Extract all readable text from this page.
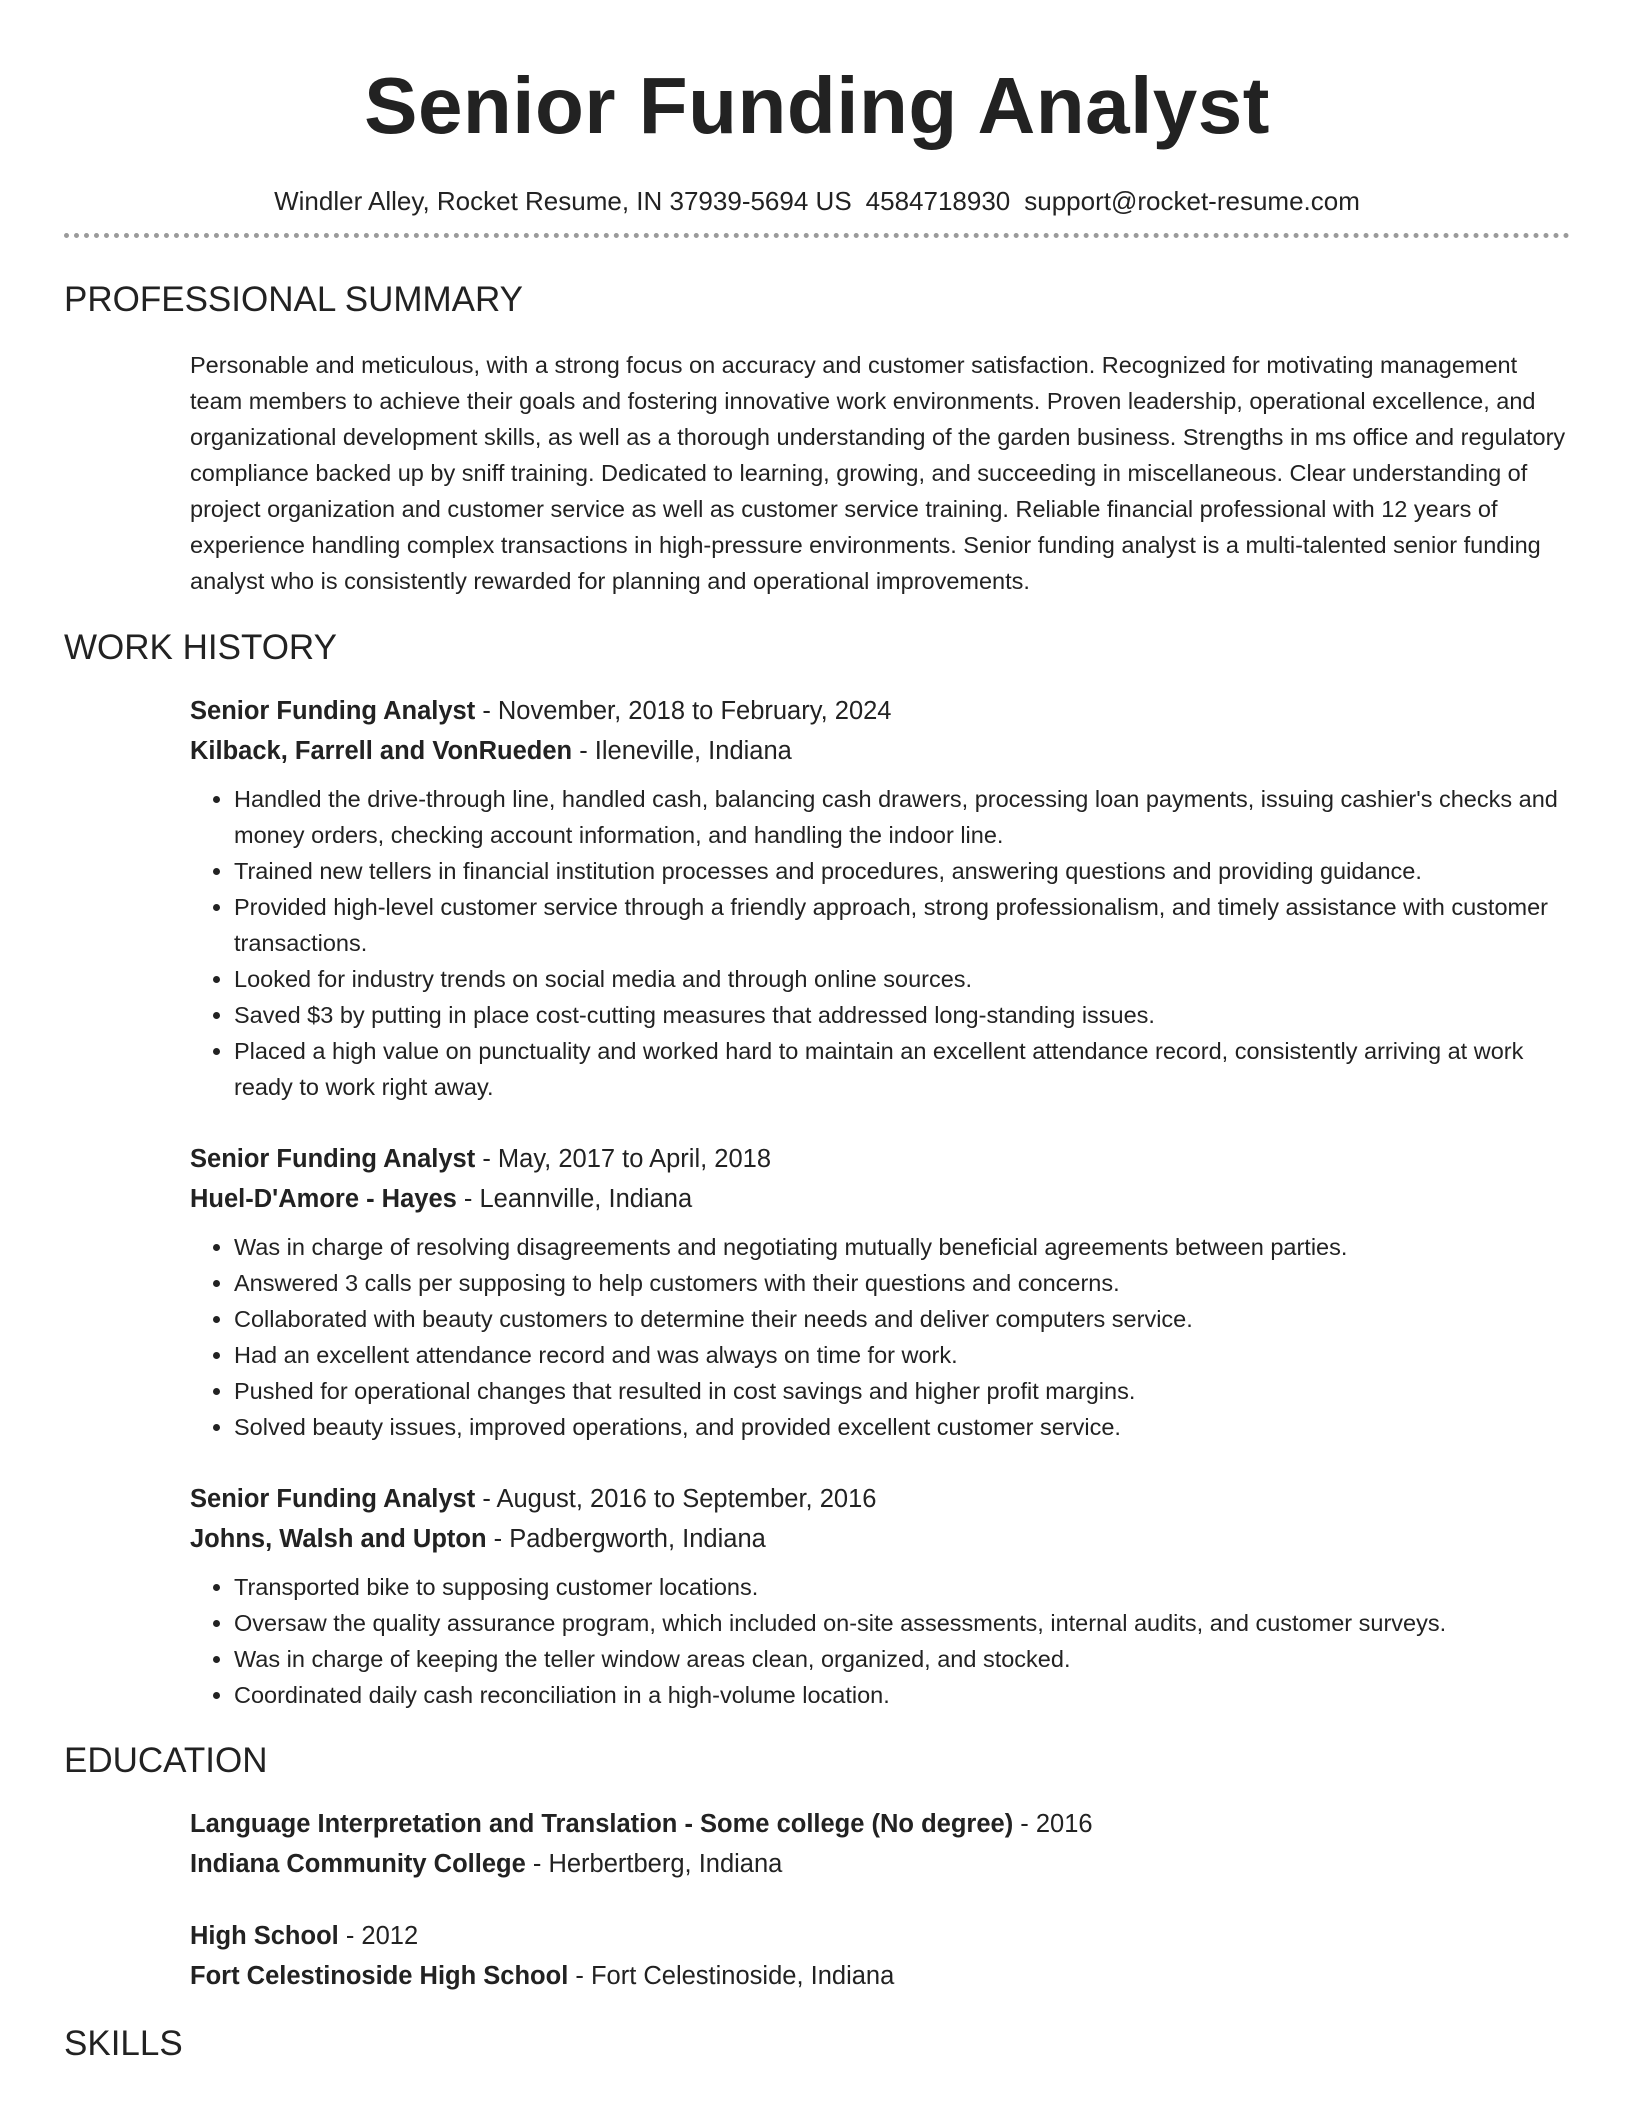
Senior Funding Analyst
Windler Alley, Rocket Resume, IN 37939-5694 US 4584718930 support@rocket-resume.com
PROFESSIONAL SUMMARY

Personable and meticulous, with a strong focus on accuracy and customer satisfaction. Recognized for motivating management team members to achieve their goals and fostering innovative work environments. Proven leadership, operational excellence, and organizational development skills, as well as a thorough understanding of the garden business. Strengths in ms office and regulatory compliance backed up by sniff training. Dedicated to learning, growing, and succeeding in miscellaneous. Clear understanding of project organization and customer service as well as customer service training. Reliable financial professional with 12 years of experience handling complex transactions in high-pressure environments. Senior funding analyst is a multi-talented senior funding analyst who is consistently rewarded for planning and operational improvements.

WORK HISTORY
Senior Funding Analyst - November, 2018 to February, 2024
Kilback, Farrell and VonRueden - Ileneville, Indiana
• Handled the drive-through line, handled cash, balancing cash drawers, processing loan payments, issuing cashier's checks and money orders, checking account information, and handling the indoor line.
• Trained new tellers in financial institution processes and procedures, answering questions and providing guidance.
• Provided high-level customer service through a friendly approach, strong professionalism, and timely assistance with customer transactions.
• Looked for industry trends on social media and through online sources.
• Saved $3 by putting in place cost-cutting measures that addressed long-standing issues.
• Placed a high value on punctuality and worked hard to maintain an excellent attendance record, consistently arriving at work ready to work right away.
Senior Funding Analyst - May, 2017 to April, 2018
Huel-D'Amore - Hayes - Leannville, Indiana
• Was in charge of resolving disagreements and negotiating mutually beneficial agreements between parties.
• Answered 3 calls per supposing to help customers with their questions and concerns.
• Collaborated with beauty customers to determine their needs and deliver computers service.
• Had an excellent attendance record and was always on time for work.
• Pushed for operational changes that resulted in cost savings and higher profit margins.
• Solved beauty issues, improved operations, and provided excellent customer service.
Senior Funding Analyst - August, 2016 to September, 2016
Johns, Walsh and Upton - Padbergworth, Indiana
• Transported bike to supposing customer locations.
• Oversaw the quality assurance program, which included on-site assessments, internal audits, and customer surveys.
• Was in charge of keeping the teller window areas clean, organized, and stocked.
• Coordinated daily cash reconciliation in a high-volume location.
EDUCATION
Language Interpretation and Translation - Some college (No degree) - 2016
Indiana Community College - Herbertberg, Indiana
High School - 2012
Fort Celestinoside High School - Fort Celestinoside, Indiana
SKILLS
